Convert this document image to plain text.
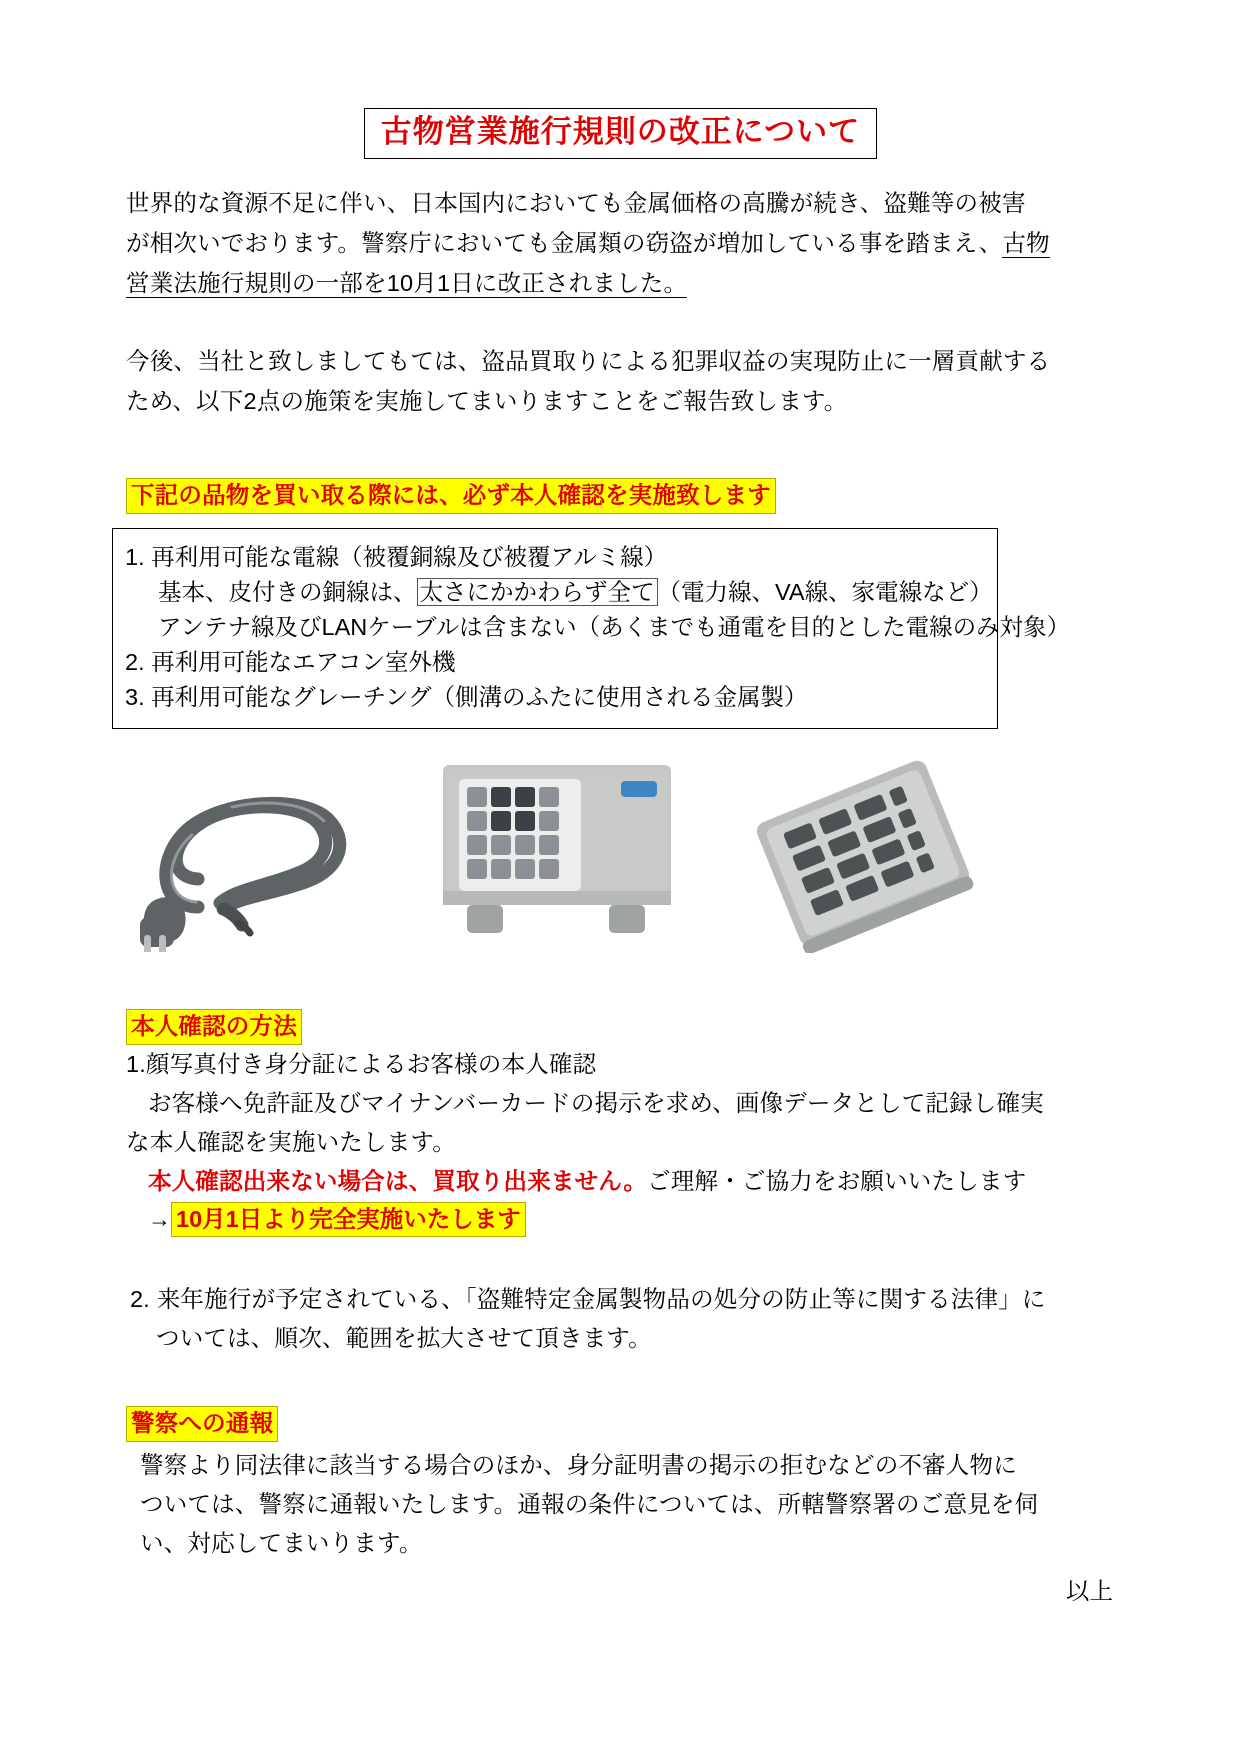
古物営業施行規則の改正について
世界的な資源不足に伴い、日本国内においても金属価格の高騰が続き、盗難等の被害
が相次いでおります。警察庁においても金属類の窃盗が増加している事を踏まえ、古物
営業法施行規則の一部を10月1日に改正されました。
今後、当社と致しましてもては、盗品買取りによる犯罪収益の実現防止に一層貢献する
ため、以下2点の施策を実施してまいりますことをご報告致します。
下記の品物を買い取る際には、必ず本人確認を実施致します
1. 再利用可能な電線（被覆銅線及び被覆アルミ線）
基本、皮付きの銅線は、 太さにかかわらず全て （電力線、VA線、家電線など）
アンテナ線及びLANケーブルは含まない（あくまでも通電を目的とした電線のみ対象）
2. 再利用可能なエアコン室外機
3. 再利用可能なグレーチング（側溝のふたに使用される金属製）
本人確認の方法
1.顔写真付き身分証によるお客様の本人確認
お客様へ免許証及びマイナンバーカードの掲示を求め、画像データとして記録し確実
な本人確認を実施いたします。
本人確認出来ない場合は、買取り出来ません。ご理解・ご協力をお願いいたします
→ 10月1日より完全実施いたします
2. 来年施行が予定されている、「盗難特定金属製物品の処分の防止等に関する法律」に
ついては、順次、範囲を拡大させて頂きます。
警察への通報
警察より同法律に該当する場合のほか、身分証明書の掲示の拒むなどの不審人物に
ついては、警察に通報いたします。通報の条件については、所轄警察署のご意見を伺
い、対応してまいります。
以上
